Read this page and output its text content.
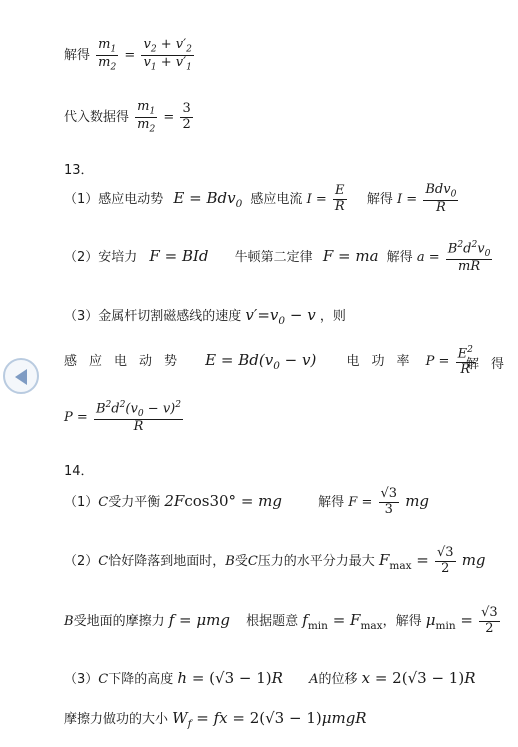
解得 $\frac{m_1}{m_2} = \frac{v_2 + v'_2}{v_1 + v'_1}$
代入数据得 $\frac{m_1}{m_2} = \frac{3}{2}$
13．
（1）感应电动势 E = Bdv$_0$ 感应电流 $I = \frac{E}{R}$ 解得 $I = \frac{Bdv_0}{R}$
（2）安培力 F = BId 牛顿第二定律 F = ma 解得 $a = \frac{B^2d^2v_0}{mR}$
（3）金属杆切割磁感线的速度 $v'=v_0 - v$ ，则
感应电动势 $E = Bd(v_0 - v)$ 电功率 $P = \frac{E^2}{R}$
解得
$P = \frac{B^2d^2(v_0 - v)^2}{R}$
14．
（1）C受力平衡 2Fcos30° = mg	解得 $F = \frac{√3}{3}$ mg
（2）C恰好降落到地面时，B受C压力的水平分力最大 $F_{max} = \frac{√3}{2}$ mg
B受地面的摩擦力 f = μmg 根据题意 $f_{min} = F_{max}$，解得 $\mu_{min} = \frac{√3}{2}$
（3）C下降的高度 h = (√3 − 1)R A的位移 x = 2(√3 − 1)R
摩擦力做功的大小 $W_f$ = fx = 2(√3 − 1)μmgR
